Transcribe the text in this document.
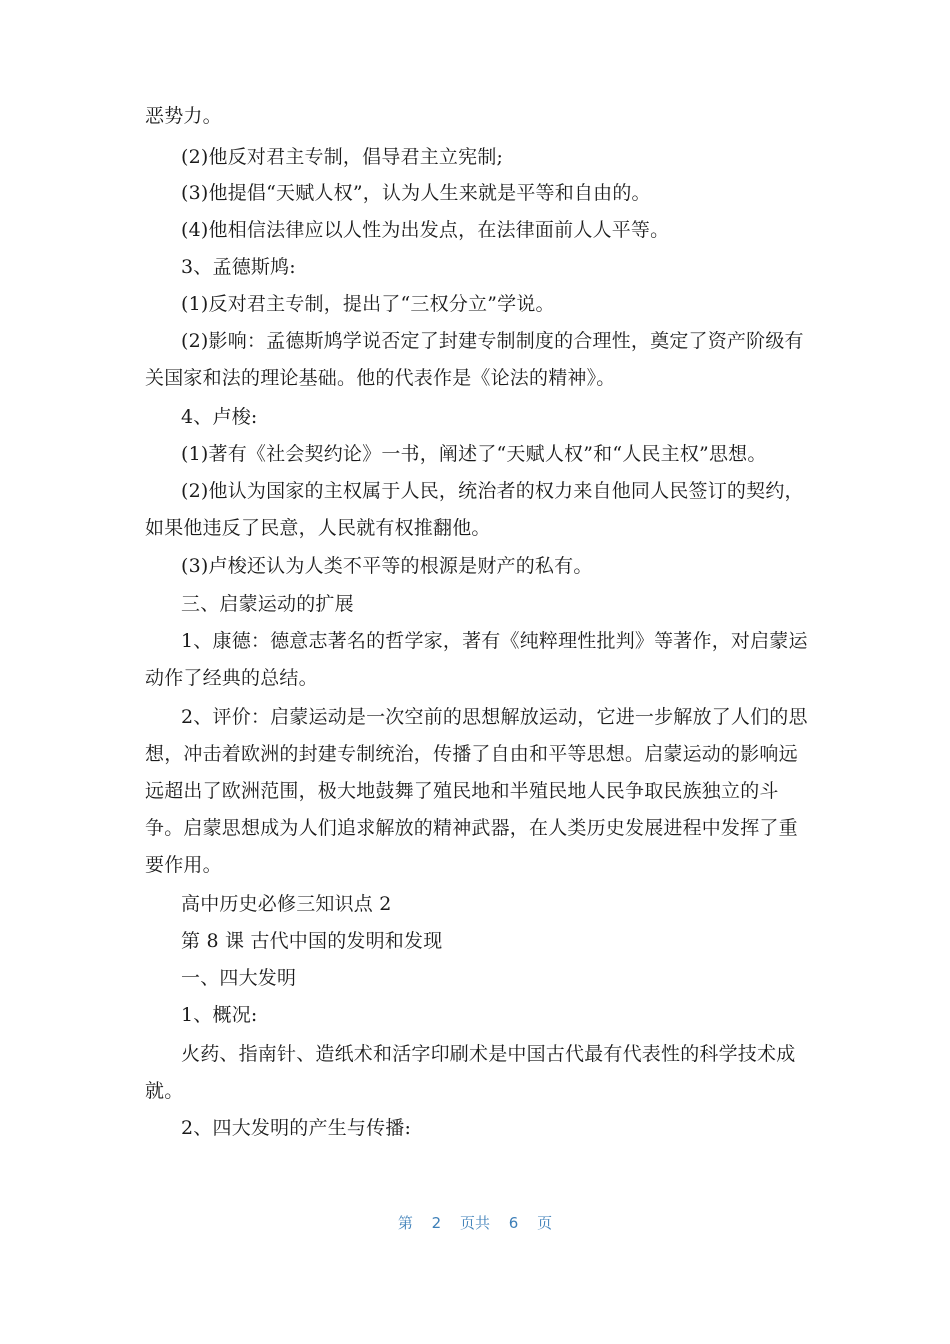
恶势力。
(2)他反对君主专制，倡导君主立宪制;
(3)他提倡“天赋人权”，认为人生来就是平等和自由的。
(4)他相信法律应以人性为出发点，在法律面前人人平等。
3、孟德斯鸠:
(1)反对君主专制，提出了“三权分立”学说。
(2)影响：孟德斯鸠学说否定了封建专制制度的合理性，奠定了资产阶级有
关国家和法的理论基础。他的代表作是《论法的精神》。
4、卢梭:
(1)著有《社会契约论》一书，阐述了“天赋人权”和“人民主权”思想。
(2)他认为国家的主权属于人民，统治者的权力来自他同人民签订的契约，
如果他违反了民意，人民就有权推翻他。
(3)卢梭还认为人类不平等的根源是财产的私有。
三、启蒙运动的扩展
1、康德：德意志著名的哲学家，著有《纯粹理性批判》等著作，对启蒙运
动作了经典的总结。
2、评价：启蒙运动是一次空前的思想解放运动，它进一步解放了人们的思
想，冲击着欧洲的封建专制统治，传播了自由和平等思想。启蒙运动的影响远
远超出了欧洲范围，极大地鼓舞了殖民地和半殖民地人民争取民族独立的斗
争。启蒙思想成为人们追求解放的精神武器，在人类历史发展进程中发挥了重
要作用。
高中历史必修三知识点 2
第 8 课 古代中国的发明和发现
一、四大发明
1、概况:
火药、指南针、造纸术和活字印刷术是中国古代最有代表性的科学技术成
就。
2、四大发明的产生与传播:
第 2 页共 6 页
